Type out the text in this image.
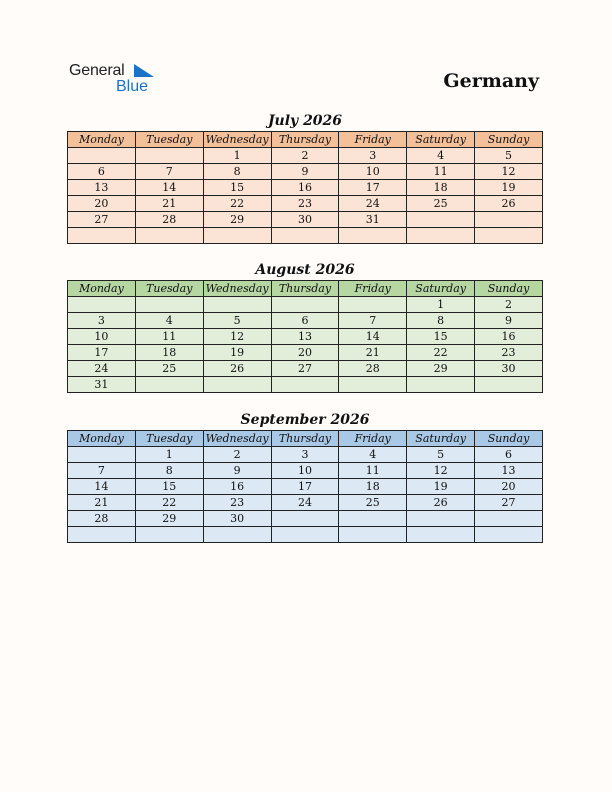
General
Blue	Germany
July 2026
Monday	Tuesday	Wednesday	Thursday	Friday	Saturday	Sunday
		1	2	3	4	5
6	7	8	9	10	11	12
13	14	15	16	17	18	19
20	21	22	23	24	25	26
27	28	29	30	31		

August 2026
Monday	Tuesday	Wednesday	Thursday	Friday	Saturday	Sunday
					1	2
3	4	5	6	7	8	9
10	11	12	13	14	15	16
17	18	19	20	21	22	23
24	25	26	27	28	29	30
31						
September 2026
Monday	Tuesday	Wednesday	Thursday	Friday	Saturday	Sunday
	1	2	3	4	5	6
7	8	9	10	11	12	13
14	15	16	17	18	19	20
21	22	23	24	25	26	27
28	29	30				
